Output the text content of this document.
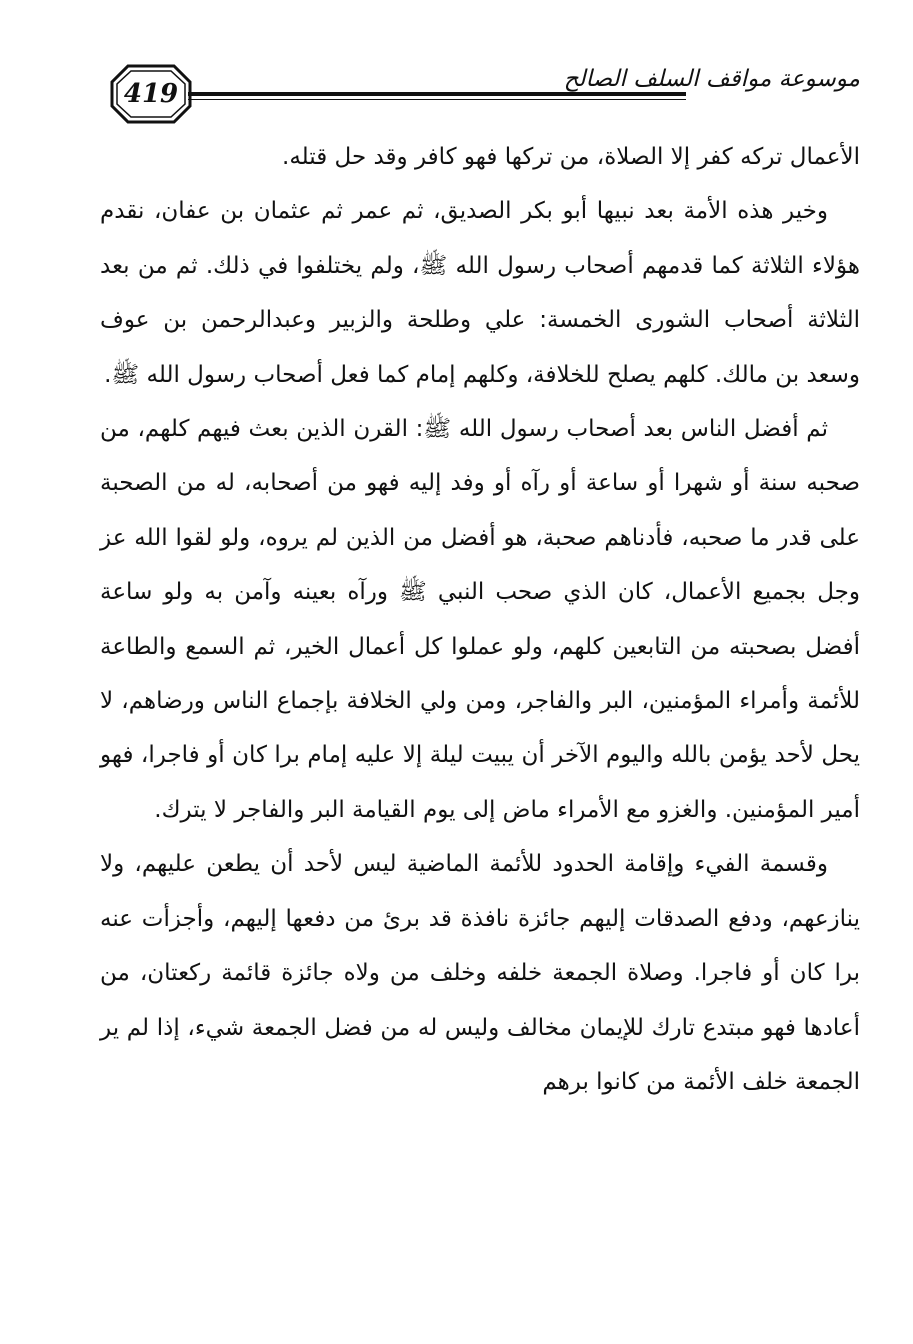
419	موسوعة مواقف السلف الصالح

الأعمال تركه كفر إلا الصلاة، من تركها فهو كافر وقد حل قتله.

وخير هذه الأمة بعد نبيها أبو بكر الصديق، ثم عمر ثم عثمان بن عفان، نقدم هؤلاء الثلاثة كما قدمهم أصحاب رسول الله ﷺ، ولم يختلفوا في ذلك. ثم من بعد الثلاثة أصحاب الشورى الخمسة: علي وطلحة والزبير وعبدالرحمن بن عوف وسعد بن مالك. كلهم يصلح للخلافة، وكلهم إمام كما فعل أصحاب رسول الله ﷺ.

ثم أفضل الناس بعد أصحاب رسول الله ﷺ: القرن الذين بعث فيهم كلهم، من صحبه سنة أو شهرا أو ساعة أو رآه أو وفد إليه فهو من أصحابه، له من الصحبة على قدر ما صحبه، فأدناهم صحبة، هو أفضل من الذين لم يروه، ولو لقوا الله عز وجل بجميع الأعمال، كان الذي صحب النبي ﷺ ورآه بعينه وآمن به ولو ساعة أفضل بصحبته من التابعين كلهم، ولو عملوا كل أعمال الخير، ثم السمع والطاعة للأئمة وأمراء المؤمنين، البر والفاجر، ومن ولي الخلافة بإجماع الناس ورضاهم، لا يحل لأحد يؤمن بالله واليوم الآخر أن يبيت ليلة إلا عليه إمام برا كان أو فاجرا، فهو أمير المؤمنين. والغزو مع الأمراء ماض إلى يوم القيامة البر والفاجر لا يترك.

وقسمة الفيء وإقامة الحدود للأئمة الماضية ليس لأحد أن يطعن عليهم، ولا ينازعهم، ودفع الصدقات إليهم جائزة نافذة قد برئ من دفعها إليهم، وأجزأت عنه برا كان أو فاجرا. وصلاة الجمعة خلفه وخلف من ولاه جائزة قائمة ركعتان، من أعادها فهو مبتدع تارك للإيمان مخالف وليس له من فضل الجمعة شيء، إذا لم ير الجمعة خلف الأئمة من كانوا برهم
